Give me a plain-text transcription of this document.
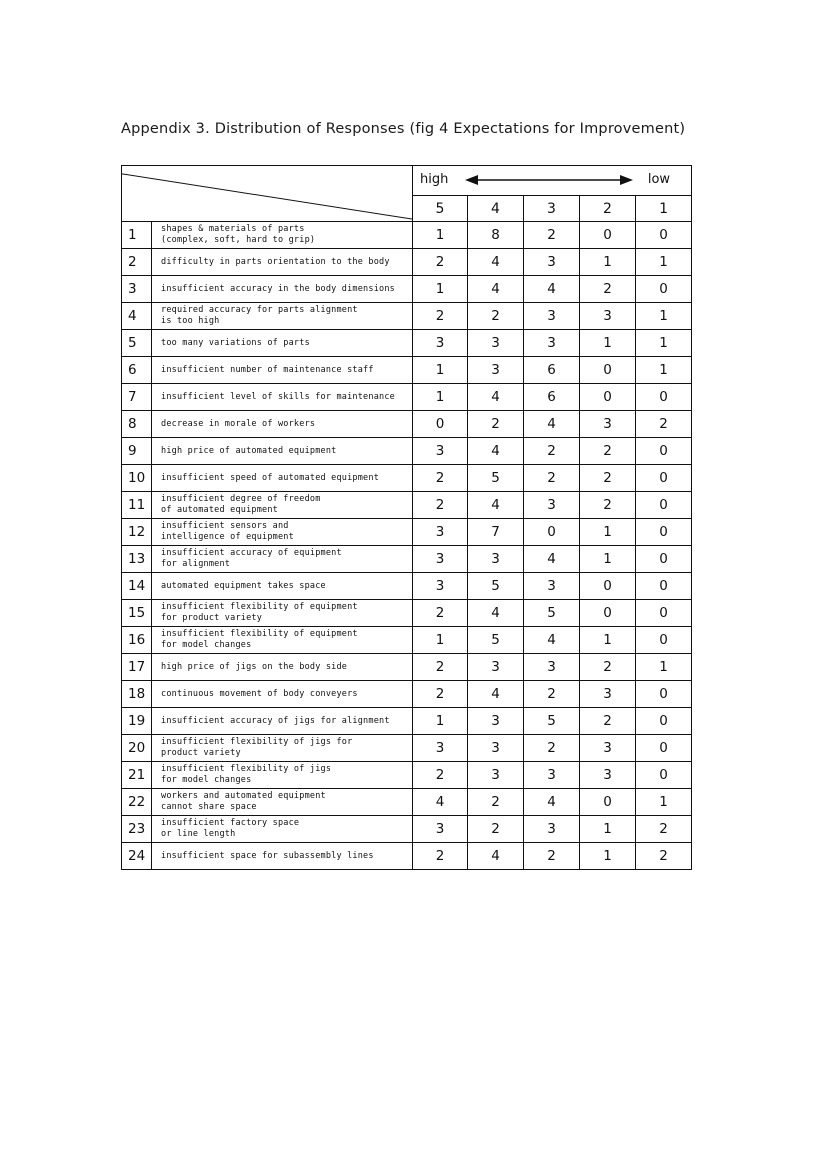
Appendix 3. Distribution of Responses (fig 4 Expectations for Improvement)

high low				

		5	4	3	2	1
1	shapes & materials of parts
(complex, soft, hard to grip)	1	8	2	0	0
2	difficulty in parts orientation to the body	2	4	3	1	1
3	insufficient accuracy in the body dimensions	1	4	4	2	0
4	required accuracy for parts alignment
is too high	2	2	3	3	1
5	too many variations of parts	3	3	3	1	1
6	insufficient number of maintenance staff	1	3	6	0	1
7	insufficient level of skills for maintenance	1	4	6	0	0
8	decrease in morale of workers	0	2	4	3	2
9	high price of automated equipment	3	4	2	2	0
10	insufficient speed of automated equipment	2	5	2	2	0
11	insufficient degree of freedom
of automated equipment	2	4	3	2	0
12	insufficient sensors and
intelligence of equipment	3	7	0	1	0
13	insufficient accuracy of equipment
for alignment	3	3	4	1	0
14	automated equipment takes space	3	5	3	0	0
15	insufficient flexibility of equipment
for product variety	2	4	5	0	0
16	insufficient flexibility of equipment
for model changes	1	5	4	1	0
17	high price of jigs on the body side	2	3	3	2	1
18	continuous movement of body conveyers	2	4	2	3	0
19	insufficient accuracy of jigs for alignment	1	3	5	2	0
20	insufficient flexibility of jigs for
product variety	3	3	2	3	0
21	insufficient flexibility of jigs
for model changes	2	3	3	3	0
22	workers and automated equipment
cannot share space	4	2	4	0	1
23	insufficient factory space
or line length	3	2	3	1	2
24	insufficient space for subassembly lines	2	4	2	1	2
